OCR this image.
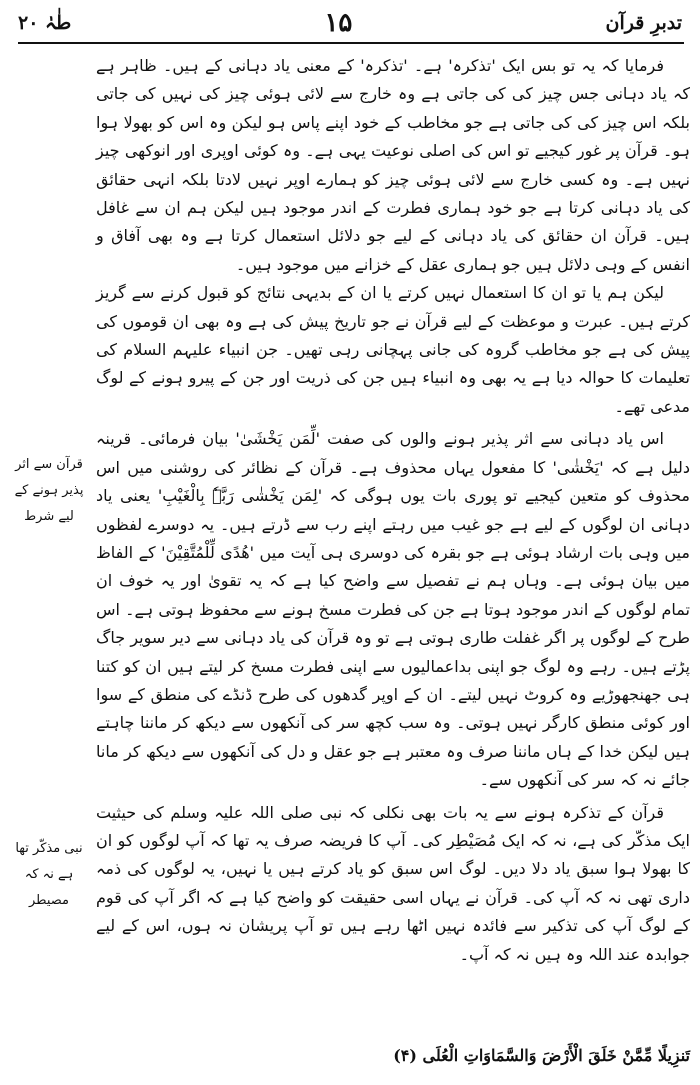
طٰہٰ ۲۰	۱۵	تدبرِ قرآن

فرمایا کہ یہ تو بس ایک 'تذکرہ' ہے۔ 'تذکرہ' کے معنی یاد دہانی کے ہیں۔ ظاہر ہے کہ یاد دہانی جس چیز کی کی جاتی ہے وہ خارج سے لائی ہوئی چیز کی نہیں کی جاتی بلکہ اس چیز کی کی جاتی ہے جو مخاطب کے خود اپنے پاس ہو لیکن وہ اس کو بھولا ہوا ہو۔ قرآن پر غور کیجیے تو اس کی اصلی نوعیت یہی ہے۔ وہ کوئی اوپری اور انوکھی چیز نہیں ہے۔ وہ کسی خارج سے لائی ہوئی چیز کو ہمارے اوپر نہیں لادتا بلکہ انہی حقائق کی یاد دہانی کرتا ہے جو خود ہماری فطرت کے اندر موجود ہیں لیکن ہم ان سے غافل ہیں۔ قرآن ان حقائق کی یاد دہانی کے لیے جو دلائل استعمال کرتا ہے وہ بھی آفاق و انفس کے وہی دلائل ہیں جو ہماری عقل کے خزانے میں موجود ہیں۔

لیکن ہم یا تو ان کا استعمال نہیں کرتے یا ان کے بدیہی نتائج کو قبول کرنے سے گریز کرتے ہیں۔ عبرت و موعظت کے لیے قرآن نے جو تاریخ پیش کی ہے وہ بھی ان قوموں کی پیش کی ہے جو مخاطب گروہ کی جانی پہچانی رہی تھیں۔ جن انبیاء علیہم السلام کی تعلیمات کا حوالہ دیا ہے یہ بھی وہ انبیاء ہیں جن کی ذریت اور جن کے پیرو ہونے کے لوگ مدعی تھے۔

اس یاد دہانی سے اثر پذیر ہونے والوں کی صفت 'لِّمَن يَخْشَىٰ' بیان فرمائی۔ قرینہ دلیل ہے کہ 'یَخْشٰی' کا مفعول یہاں محذوف ہے۔ قرآن کے نظائر کی روشنی میں اس محذوف کو متعین کیجیے تو پوری بات یوں ہوگی کہ 'لِمَن یَخْشٰی رَبَّہٗ بِالْغَیْبِ' یعنی یاد دہانی ان لوگوں کے لیے ہے جو غیب میں رہتے اپنے رب سے ڈرتے ہیں۔ یہ دوسرے لفظوں میں وہی بات ارشاد ہوئی ہے جو بقرہ کی دوسری ہی آیت میں 'ھُدًی لِّلْمُتَّقِیْنَ' کے الفاظ میں بیان ہوئی ہے۔ وہاں ہم نے تفصیل سے واضح کیا ہے کہ یہ تقویٰ اور یہ خوف ان تمام لوگوں کے اندر موجود ہوتا ہے جن کی فطرت مسخ ہونے سے محفوظ ہوتی ہے۔ اس طرح کے لوگوں پر اگر غفلت طاری ہوتی ہے تو وہ قرآن کی یاد دہانی سے دیر سویر جاگ پڑتے ہیں۔ رہے وہ لوگ جو اپنی بداعمالیوں سے اپنی فطرت مسخ کر لیتے ہیں ان کو کتنا ہی جھنجھوڑیے وہ کروٹ نہیں لیتے۔ ان کے اوپر گدھوں کی طرح ڈنڈے کی منطق کے سوا اور کوئی منطق کارگر نہیں ہوتی۔ وہ سب کچھ سر کی آنکھوں سے دیکھ کر ماننا چاہتے ہیں لیکن خدا کے ہاں ماننا صرف وہ معتبر ہے جو عقل و دل کی آنکھوں سے دیکھ کر مانا جائے نہ کہ سر کی آنکھوں سے۔

قرآن کے تذکرہ ہونے سے یہ بات بھی نکلی کہ نبی صلی اللہ علیہ وسلم کی حیثیت ایک مذکّر کی ہے، نہ کہ ایک مُصَیْطِر کی۔ آپ کا فریضہ صرف یہ تھا کہ آپ لوگوں کو ان کا بھولا ہوا سبق یاد دلا دیں۔ لوگ اس سبق کو یاد کرتے ہیں یا نہیں، یہ لوگوں کی ذمہ داری تھی نہ کہ آپ کی۔ قرآن نے یہاں اسی حقیقت کو واضح کیا ہے کہ اگر آپ کی قوم کے لوگ آپ کی تذکیر سے فائدہ نہیں اٹھا رہے ہیں تو آپ پریشان نہ ہوں، اس کے لیے جوابدہ عند اللہ وہ ہیں نہ کہ آپ۔

قرآن سے اثر پذیر ہونے کے لیے شرط
نبی مذکّر تھا ہے نہ کہ مصیطر
تَنزِيلًا مِّمَّنْ خَلَقَ الْأَرْضَ وَالسَّمَاوَاتِ الْعُلَى (۴)
